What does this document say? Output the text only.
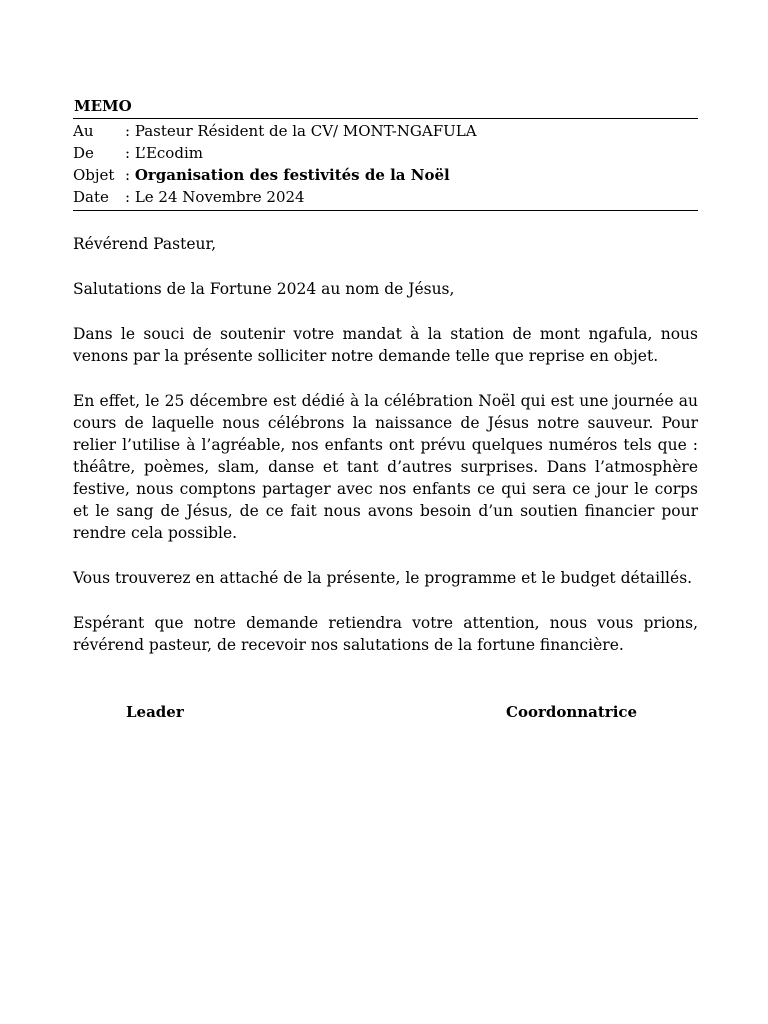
MEMO
Au	: Pasteur Résident de la CV/ MONT-NGAFULA
De	: L’Ecodim
Objet : Organisation des festivités de la Noël
Date	: Le 24 Novembre 2024

Révérend Pasteur,

Salutations de la Fortune 2024 au nom de Jésus,

Dans le souci de soutenir votre mandat à la station de mont ngafula, nous venons par la présente solliciter notre demande telle que reprise en objet.

En effet, le 25 décembre est dédié à la célébration Noël qui est une journée au cours de laquelle nous célébrons la naissance de Jésus notre sauveur. Pour relier l’utilise à l’agréable, nos enfants ont prévu quelques numéros tels que : théâtre, poèmes, slam, danse et tant d’autres surprises. Dans l’atmosphère festive, nous comptons partager avec nos enfants ce qui sera ce jour le corps et le sang de Jésus, de ce fait nous avons besoin d’un soutien financier pour rendre cela possible.

Vous trouverez en attaché de la présente, le programme et le budget détaillés.

Espérant que notre demande retiendra votre attention, nous vous prions, révérend pasteur, de recevoir nos salutations de la fortune financière.

Leader	Coordonnatrice
